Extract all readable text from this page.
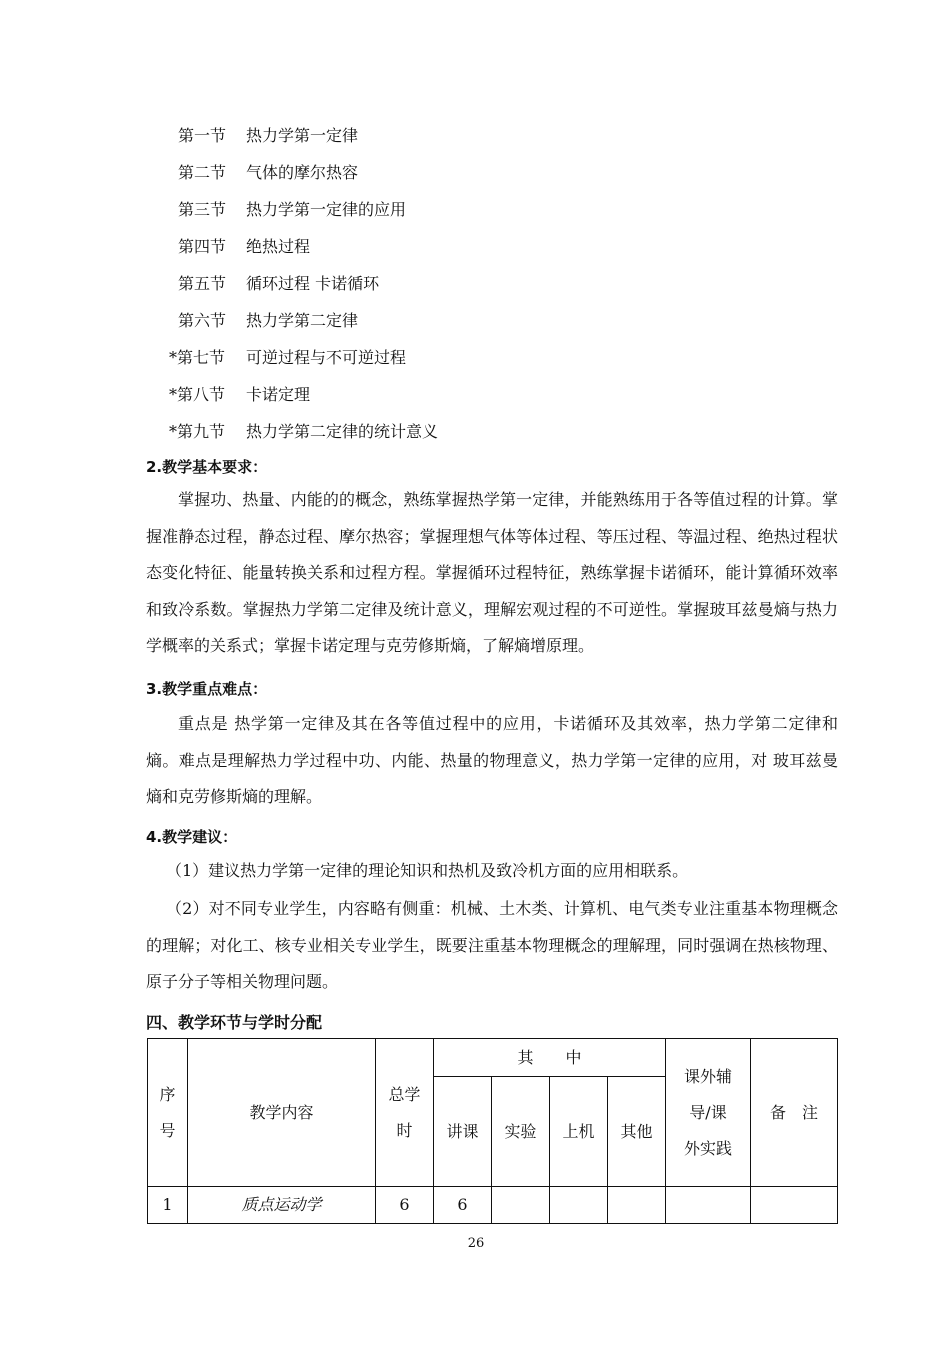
第一节 热力学第一定律
第二节 气体的摩尔热容
第三节 热力学第一定律的应用
第四节 绝热过程
第五节 循环过程 卡诺循环
第六节 热力学第二定律
*第七节 可逆过程与不可逆过程
*第八节 卡诺定理
*第九节 热力学第二定律的统计意义
2.教学基本要求：

掌握功、热量、内能的的概念，熟练掌握热学第一定律，并能熟练用于各等值过程的计算。掌握准静态过程，静态过程、摩尔热容；掌握理想气体等体过程、等压过程、等温过程、绝热过程状态变化特征、能量转换关系和过程方程。掌握循环过程特征，熟练掌握卡诺循环，能计算循环效率和致冷系数。掌握热力学第二定律及统计意义，理解宏观过程的不可逆性。掌握玻耳兹曼熵与热力学概率的关系式；掌握卡诺定理与克劳修斯熵，了解熵增原理。

3.教学重点难点：

重点是 热学第一定律及其在各等值过程中的应用，卡诺循环及其效率，热力学第二定律和熵。难点是理解热力学过程中功、内能、热量的物理意义，热力学第一定律的应用，对 玻耳兹曼熵和克劳修斯熵的理解。

4.教学建议：

（1）建议热力学第一定律的理论知识和热机及致冷机方面的应用相联系。

（2）对不同专业学生，内容略有侧重：机械、土木类、计算机、电气类专业注重基本物理概念的理解；对化工、核专业相关专业学生，既要注重基本物理概念的理解理，同时强调在热核物理、原子分子等相关物理问题。

四、教学环节与学时分配
序号	教学内容	总学时	其　　中				课外辅导/课外实践	备　注
			讲课	实验	上机	其他		
1	质点运动学	6	6					
26
